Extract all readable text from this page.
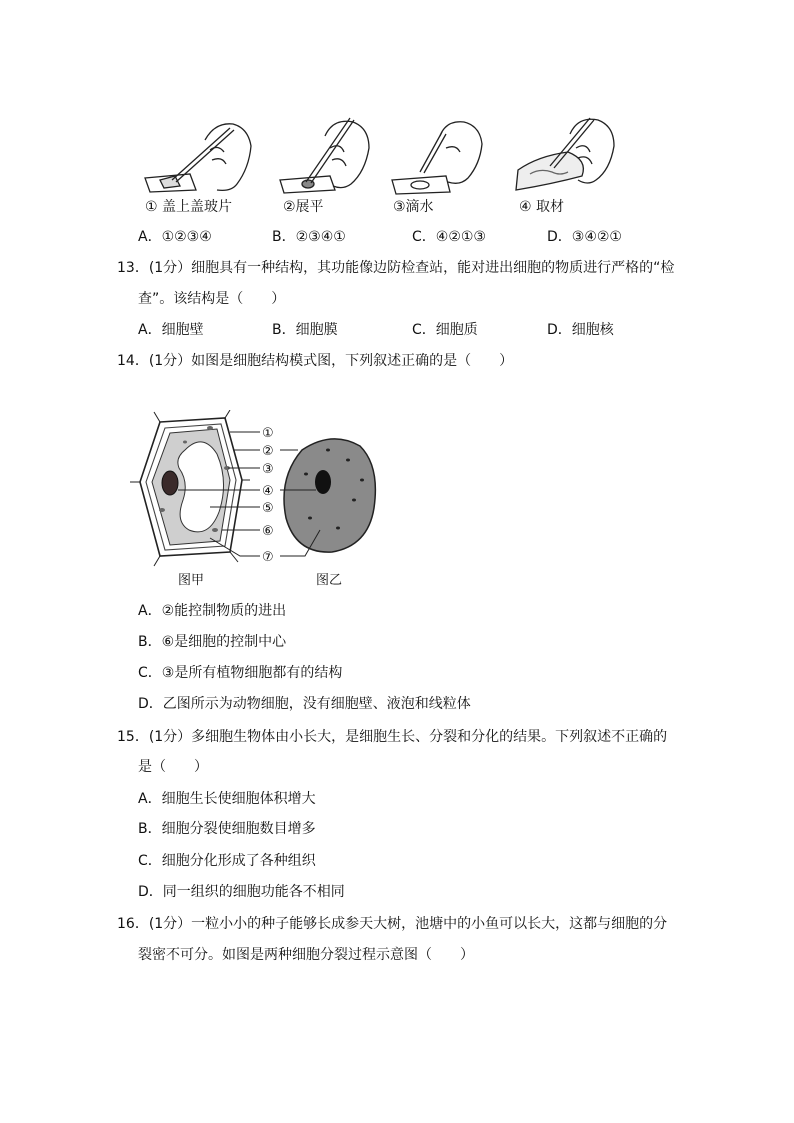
① 盖上盖玻片	②展平	③滴水	④ 取材
A．①②③④	B．②③④①	C．④②①③	D．③④②①
13．(1分）细胞具有一种结构，其功能像边防检查站，能对进出细胞的物质进行严格的“检
查”。该结构是（　　）
A．细胞壁	B．细胞膜	C．细胞质	D．细胞核
14．(1分）如图是细胞结构模式图，下列叙述正确的是（　　）
①
②
③
④
⑤
⑥
⑦
图甲	图乙
A．②能控制物质的进出
B．⑥是细胞的控制中心
C．③是所有植物细胞都有的结构
D．乙图所示为动物细胞，没有细胞壁、液泡和线粒体
15．(1分）多细胞生物体由小长大，是细胞生长、分裂和分化的结果。下列叙述不正确的
是（　　）
A．细胞生长使细胞体积增大
B．细胞分裂使细胞数目增多
C．细胞分化形成了各种组织
D．同一组织的细胞功能各不相同
16．(1分）一粒小小的种子能够长成参天大树，池塘中的小鱼可以长大，这都与细胞的分
裂密不可分。如图是两种细胞分裂过程示意图（　　）
